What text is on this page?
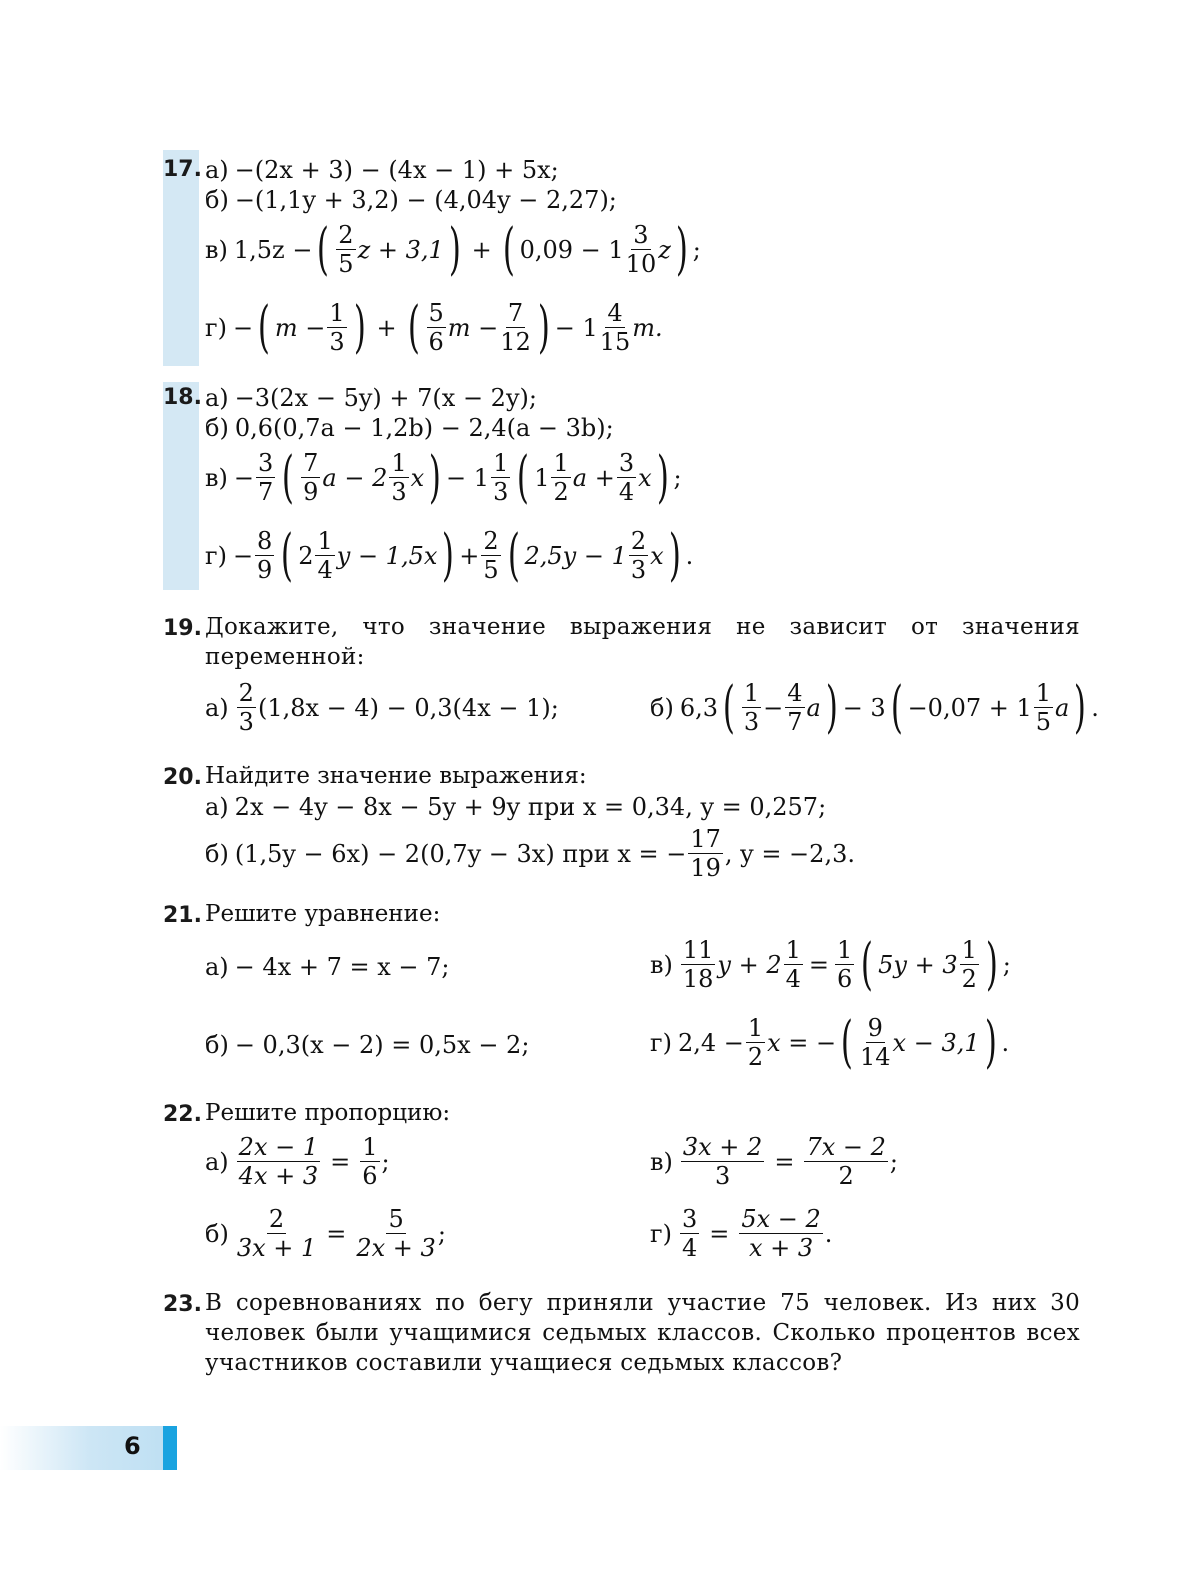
17. а) −(2x + 3) − (4x − 1) + 5x;
б) −(1,1y + 3,2) − (4,04y − 2,27);
в) 1,5z − ( 2
5 z + 3,1 ) + ( 0,09 − 1
3
10 z ) ;
г) − ( $m - \frac{1}{3}$ ) + ( 5
6 $m - \frac{7}{12}$ ) − 1
4
15 m.
18. а) −3(2x − 5y) + 7(x − 2y);
б) 0,6(0,7a − 1,2b) − 2,4(a − 3b);
$в) - \frac{3}{7}$ ( 7
9 a − 2
1
3 x ) − 1
1
3 ( 1
1
2 $a + \frac{3}{4}$ x ) ;
$г) - \frac{8}{9}$ ( 2
1
4 y − 1,5x ) + $\frac{2}{5}$ ( 2,5y − 1
2
3 x ) .
19. Докажите, что значение выражения не зависит от значения переменной:
а)
2
3 (1,8x − 4) − 0,3(4x − 1);	б) 6,3 ( 1
$3 - \frac{4}{7}$ a ) − 3 ( −0,07 + 1
1
5 a ) .
20. Найдите значение выражения:
а) 2x − 4y − 8x − 5y + 9y при x = 0,34, y = 0,257;
б) (1,5y − 6x) − 2(0,7y − 3x) при x = − $\frac{17}{19}$ , y = −2,3.
21. Решите уравнение:
а) − 4x + 7 = x − 7;	в)
11
18 $y + 2 \frac{1}{4} = \frac{1}{6}$ ( 5y + 3
1
2 ) ;
б) − 0,3(x − 2) = 0,5x − 2;	г) $2,4 - \frac{1}{2}$ x = − ( 9
14 x − 3,1 ) .
22. Решите пропорцию:
$а) \frac{2x - 1}{4x + 3} = \frac{1}{6}$ ;	$в) \frac{3x + 2}{3} = \frac{7x - 2}{2}$ ;
$б) \frac{2}{3x + 1} = \frac{5}{2x + 3}$ ;	$г) \frac{3}{4} = \frac{5x - 2}{x + 3}$ .
23. В соревнованиях по бегу приняли участие 75 человек. Из них 30 человек были учащимися седьмых классов. Сколько процентов всех участников составили учащиеся седьмых классов?
6
